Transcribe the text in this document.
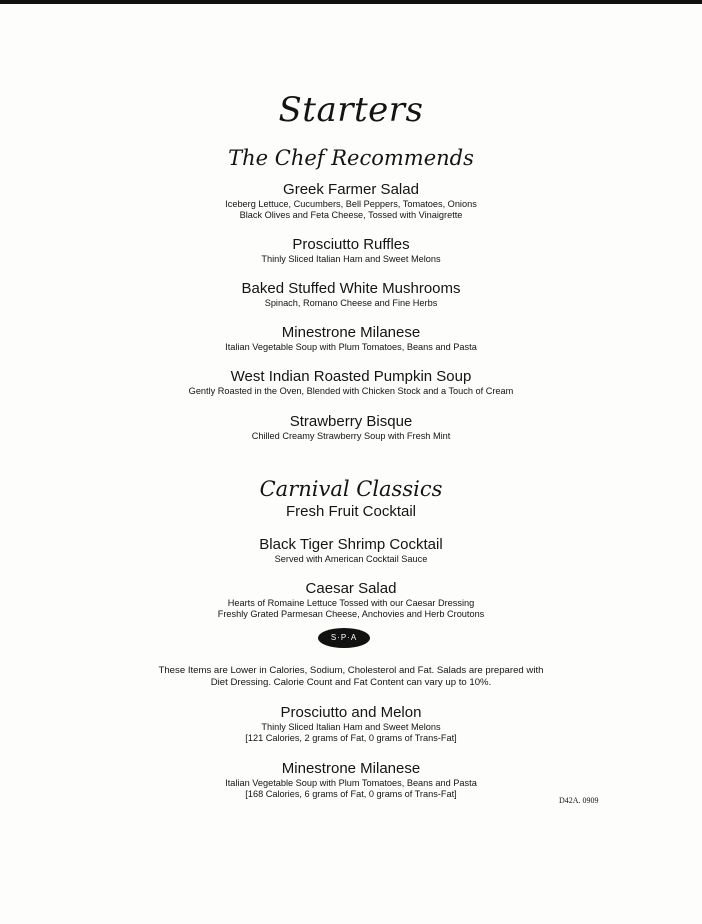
Starters
The Chef Recommends
Greek Farmer Salad
Iceberg Lettuce, Cucumbers, Bell Peppers, Tomatoes, Onions
Black Olives and Feta Cheese, Tossed with Vinaigrette
Prosciutto Ruffles
Thinly Sliced Italian Ham and Sweet Melons
Baked Stuffed White Mushrooms
Spinach, Romano Cheese and Fine Herbs
Minestrone Milanese
Italian Vegetable Soup with Plum Tomatoes, Beans and Pasta
West Indian Roasted Pumpkin Soup
Gently Roasted in the Oven, Blended with Chicken Stock and a Touch of Cream
Strawberry Bisque
Chilled Creamy Strawberry Soup with Fresh Mint
Carnival Classics
Fresh Fruit Cocktail
Black Tiger Shrimp Cocktail
Served with American Cocktail Sauce
Caesar Salad
Hearts of Romaine Lettuce Tossed with our Caesar Dressing
Freshly Grated Parmesan Cheese, Anchovies and Herb Croutons
S·P·A
These Items are Lower in Calories, Sodium, Cholesterol and Fat. Salads are prepared with
Diet Dressing. Calorie Count and Fat Content can vary up to 10%.
Prosciutto and Melon
Thinly Sliced Italian Ham and Sweet Melons
[121 Calories, 2 grams of Fat, 0 grams of Trans-Fat]
Minestrone Milanese
Italian Vegetable Soup with Plum Tomatoes, Beans and Pasta
[168 Calories, 6 grams of Fat, 0 grams of Trans-Fat]
D42A. 0909
